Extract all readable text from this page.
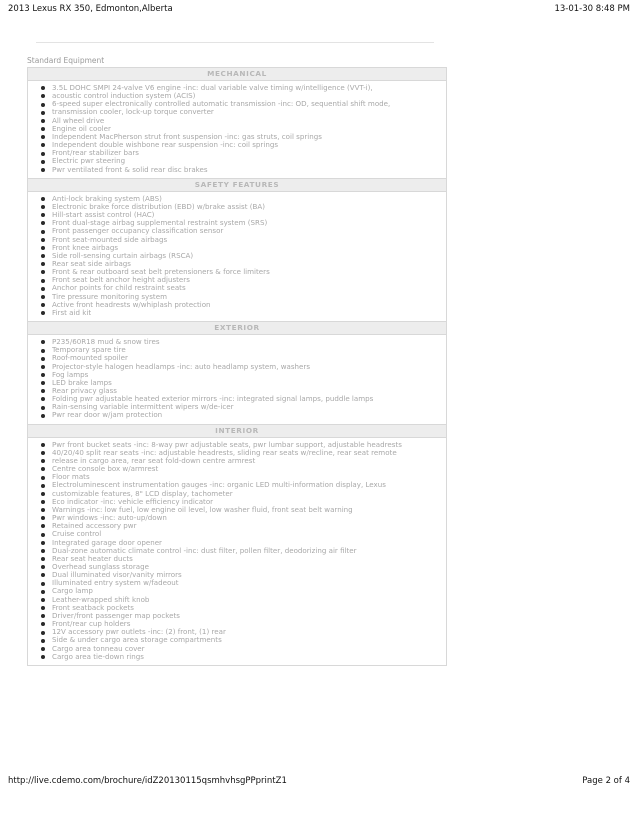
2013 Lexus RX 350, Edmonton,Alberta	13-01-30 8:48 PM
Standard Equipment
MECHANICAL
3.5L DOHC SMPI 24-valve V6 engine -inc: dual variable valve timing w/intelligence (VVT-i),
acoustic control induction system (ACIS)
6-speed super electronically controlled automatic transmission -inc: OD, sequential shift mode,
transmission cooler, lock-up torque converter
All wheel drive
Engine oil cooler
Independent MacPherson strut front suspension -inc: gas struts, coil springs
Independent double wishbone rear suspension -inc: coil springs
Front/rear stabilizer bars
Electric pwr steering
Pwr ventilated front & solid rear disc brakes
SAFETY FEATURES
Anti-lock braking system (ABS)
Electronic brake force distribution (EBD) w/brake assist (BA)
Hill-start assist control (HAC)
Front dual-stage airbag supplemental restraint system (SRS)
Front passenger occupancy classification sensor
Front seat-mounted side airbags
Front knee airbags
Side roll-sensing curtain airbags (RSCA)
Rear seat side airbags
Front & rear outboard seat belt pretensioners & force limiters
Front seat belt anchor height adjusters
Anchor points for child restraint seats
Tire pressure monitoring system
Active front headrests w/whiplash protection
First aid kit
EXTERIOR
P235/60R18 mud & snow tires
Temporary spare tire
Roof-mounted spoiler
Projector-style halogen headlamps -inc: auto headlamp system, washers
Fog lamps
LED brake lamps
Rear privacy glass
Folding pwr adjustable heated exterior mirrors -inc: integrated signal lamps, puddle lamps
Rain-sensing variable intermittent wipers w/de-icer
Pwr rear door w/jam protection
INTERIOR
Pwr front bucket seats -inc: 8-way pwr adjustable seats, pwr lumbar support, adjustable headrests
40/20/40 split rear seats -inc: adjustable headrests, sliding rear seats w/recline, rear seat remote
release in cargo area, rear seat fold-down centre armrest
Centre console box w/armrest
Floor mats
Electroluminescent instrumentation gauges -inc: organic LED multi-information display, Lexus
customizable features, 8" LCD display, tachometer
Eco indicator -inc: vehicle efficiency indicator
Warnings -inc: low fuel, low engine oil level, low washer fluid, front seat belt warning
Pwr windows -inc: auto-up/down
Retained accessory pwr
Cruise control
Integrated garage door opener
Dual-zone automatic climate control -inc: dust filter, pollen filter, deodorizing air filter
Rear seat heater ducts
Overhead sunglass storage
Dual illuminated visor/vanity mirrors
Illuminated entry system w/fadeout
Cargo lamp
Leather-wrapped shift knob
Front seatback pockets
Driver/front passenger map pockets
Front/rear cup holders
12V accessory pwr outlets -inc: (2) front, (1) rear
Side & under cargo area storage compartments
Cargo area tonneau cover
Cargo area tie-down rings
http://live.cdemo.com/brochure/idZ20130115qsmhvhsgPPprintZ1	Page 2 of 4
